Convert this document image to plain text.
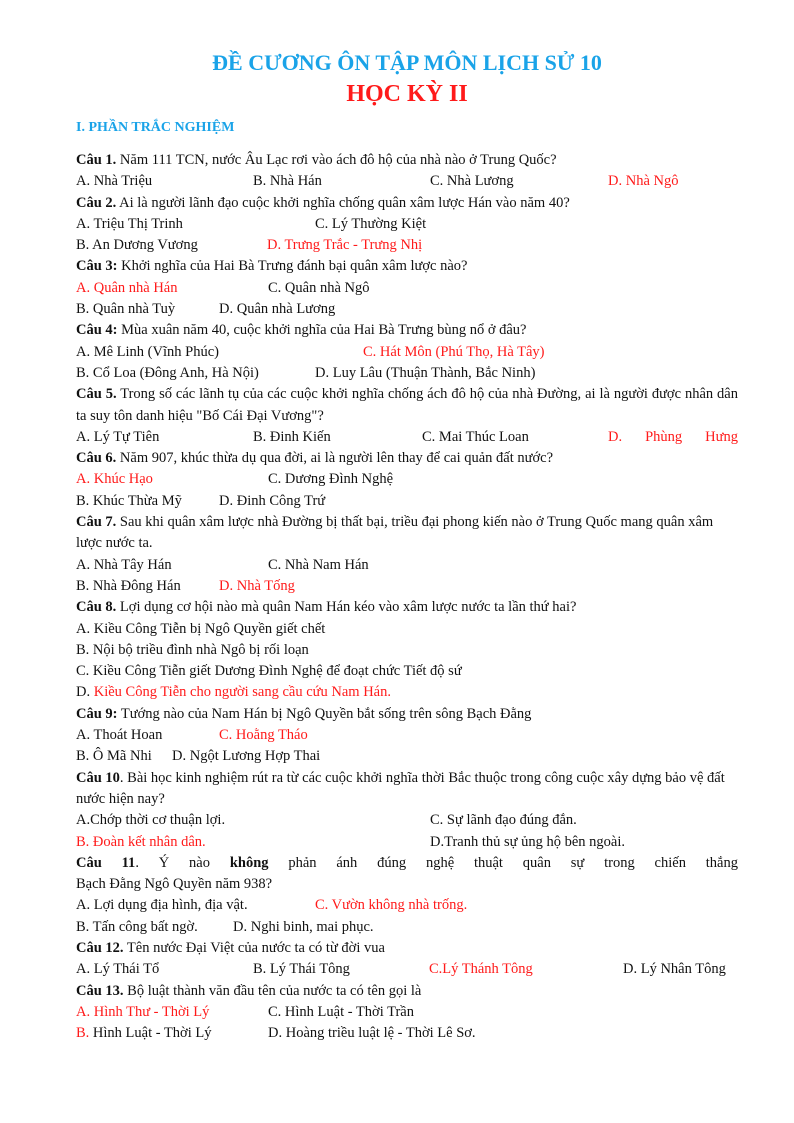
ĐỀ CƯƠNG ÔN TẬP MÔN LỊCH SỬ 10
HỌC KỲ II
I. PHẦN TRẮC NGHIỆM

Câu 1. Năm 111 TCN, nước Âu Lạc rơi vào ách đô hộ của nhà nào ở Trung Quốc?

A. Nhà Triệu	B. Nhà Hán	C. Nhà Lương	D. Nhà Ngô

Câu 2. Ai là người lãnh đạo cuộc khởi nghĩa chống quân xâm lược Hán vào năm 40?

A. Triệu Thị Trinh	C. Lý Thường Kiệt
B. An Dương Vương	D. Trưng Trắc - Trưng Nhị

Câu 3: Khởi nghĩa của Hai Bà Trưng đánh bại quân xâm lược nào?

A. Quân nhà Hán	C. Quân nhà Ngô
B. Quân nhà Tuỳ	D. Quân nhà Lương

Câu 4: Mùa xuân năm 40, cuộc khởi nghĩa của Hai Bà Trưng bùng nổ ở đâu?

A. Mê Linh (Vĩnh Phúc)	C. Hát Môn (Phú Thọ, Hà Tây)
B. Cổ Loa (Đông Anh, Hà Nội)	D. Luy Lâu (Thuận Thành, Bắc Ninh)

Câu 5. Trong số các lãnh tụ của các cuộc khởi nghĩa chống ách đô hộ của nhà Đường, ai là người được nhân dân ta suy tôn danh hiệu "Bố Cái Đại Vương"?

A. Lý Tự Tiên	B. Đinh Kiến	C. Mai Thúc Loan	D. Phùng Hưng

Câu 6. Năm 907, khúc thừa dụ qua đời, ai là người lên thay để cai quản đất nước?

A. Khúc Hạo	C. Dương Đình Nghệ
B. Khúc Thừa Mỹ	D. Đinh Công Trứ

Câu 7. Sau khi quân xâm lược nhà Đường bị thất bại, triều đại phong kiến nào ở Trung Quốc mang quân xâm lược nước ta.

A. Nhà Tây Hán	C. Nhà Nam Hán
B. Nhà Đông Hán	D. Nhà Tống

Câu 8. Lợi dụng cơ hội nào mà quân Nam Hán kéo vào xâm lược nước ta lần thứ hai?

A. Kiều Công Tiễn bị Ngô Quyền giết chết

B. Nội bộ triều đình nhà Ngô bị rối loạn

C. Kiều Công Tiễn giết Dương Đình Nghệ để đoạt chức Tiết độ sứ

D. Kiều Công Tiễn cho người sang cầu cứu Nam Hán.

Câu 9: Tướng nào của Nam Hán bị Ngô Quyền bắt sống trên sông Bạch Đằng

A. Thoát Hoan	C. Hoằng Tháo
B. Ô Mã Nhi	D. Ngột Lương Hợp Thai

Câu 10. Bài học kinh nghiệm rút ra từ các cuộc khởi nghĩa thời Bắc thuộc trong công cuộc xây dựng bảo vệ đất nước hiện nay?

A.Chớp thời cơ thuận lợi.	C. Sự lãnh đạo đúng đắn.
B. Đoàn kết nhân dân.	D.Tranh thủ sự ủng hộ bên ngoài.

Câu 11. Ý nào không phản ánh đúng nghệ thuật quân sự trong chiến thắng

Bạch Đằng Ngô Quyền năm 938?

A. Lợi dụng địa hình, địa vật.	C. Vườn không nhà trống.
B. Tấn công bất ngờ.	D. Nghi binh, mai phục.

Câu 12. Tên nước Đại Việt của nước ta có từ đời vua

A. Lý Thái Tổ	B. Lý Thái Tông	C.Lý Thánh Tông	D. Lý Nhân Tông

Câu 13. Bộ luật thành văn đầu tên của nước ta có tên gọi là

A. Hình Thư - Thời Lý	C. Hình Luật - Thời Trần
B. Hình Luật - Thời Lý	D. Hoàng triều luật lệ - Thời Lê Sơ.
